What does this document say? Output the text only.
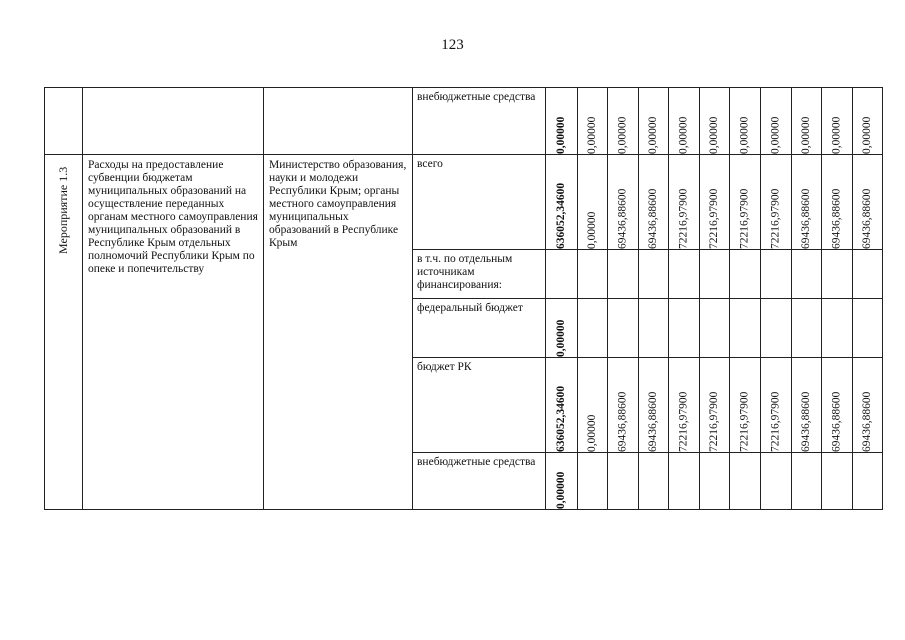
123

			внебюджетные средства	0,00000	0,00000	0,00000	0,00000	0,00000	0,00000	0,00000	0,00000	0,00000	0,00000	0,00000

Мероприятие 1.3	Расходы на предоставление субвенции бюджетам муниципальных образований на осуществление переданных органам местного самоуправления муниципальных образований в Республике Крым отдельных полномочий Республики Крым по опеке и попечительству	Министерство образования, науки и молодежи Республики Крым; органы местного самоуправления муниципальных образований в Республике Крым	всего	636052,34600	0,00000	69436,88600	69436,88600	72216,97900	72216,97900	72216,97900	72216,97900	69436,88600	69436,88600	69436,88600

			в т.ч. по отдельным источникам финансирования:											

			федеральный бюджет	0,00000										

			бюджет РК	636052,34600	0,00000	69436,88600	69436,88600	72216,97900	72216,97900	72216,97900	72216,97900	69436,88600	69436,88600	69436,88600

			внебюджетные средства	0,00000										
